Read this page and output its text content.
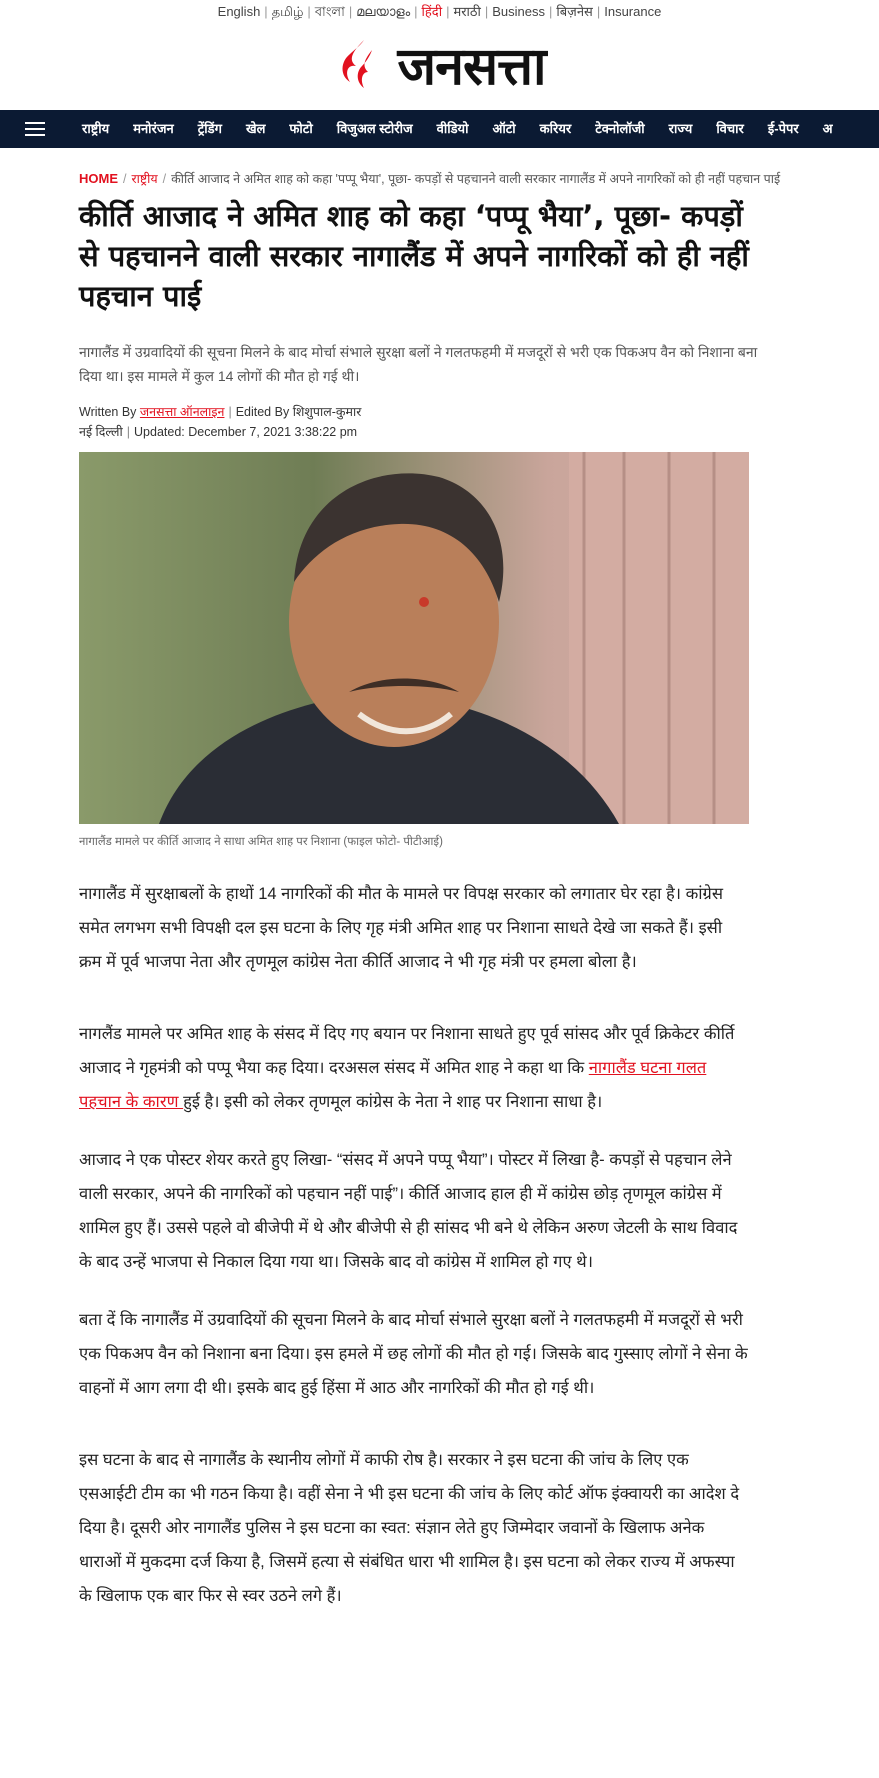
English | தமிழ் | বাংলা | മലയാളം | हिंदी | मराठी | Business | बिज़नेस | Insurance
जनसत्ता
राष्ट्रीय	मनोरंजन	ट्रेंडिंग	खेल	फोटो	विजुअल स्टोरीज	वीडियो	ऑटो	करियर	टेक्नोलॉजी	राज्य	विचार	ई-पेपर	अ
HOME / राष्ट्रीय / कीर्ति आजाद ने अमित शाह को कहा 'पप्पू भैया', पूछा- कपड़ों से पहचानने वाली सरकार नागालैंड में अपने नागरिकों को ही नहीं पहचान पाई
कीर्ति आजाद ने अमित शाह को कहा ‘पप्पू भैया’, पूछा- कपड़ों से पहचानने वाली सरकार नागालैंड में अपने नागरिकों को ही नहीं पहचान पाई

नागालैंड में उग्रवादियों की सूचना मिलने के बाद मोर्चा संभाले सुरक्षा बलों ने गलतफहमी में मजदूरों से भरी एक पिकअप वैन को निशाना बना दिया था। इस मामले में कुल 14 लोगों की मौत हो गई थी।

Written By जनसत्ता ऑनलाइन | Edited By शिशुपाल-कुमार
नई दिल्ली | Updated: December 7, 2021 3:38:22 pm
नागालैंड मामले पर कीर्ति आजाद ने साधा अमित शाह पर निशाना (फाइल फोटो- पीटीआई)

नागालैंड में सुरक्षाबलों के हाथों 14 नागरिकों की मौत के मामले पर विपक्ष सरकार को लगातार घेर रहा है। कांग्रेस समेत लगभग सभी विपक्षी दल इस घटना के लिए गृह मंत्री अमित शाह पर निशाना साधते देखे जा सकते हैं। इसी क्रम में पूर्व भाजपा नेता और तृणमूल कांग्रेस नेता कीर्ति आजाद ने भी गृह मंत्री पर हमला बोला है।

नागलैंड मामले पर अमित शाह के संसद में दिए गए बयान पर निशाना साधते हुए पूर्व सांसद और पूर्व क्रिकेटर कीर्ति आजाद ने गृहमंत्री को पप्पू भैया कह दिया। दरअसल संसद में अमित शाह ने कहा था कि नागालैंड घटना गलत पहचान के कारण हुई है। इसी को लेकर तृणमूल कांग्रेस के नेता ने शाह पर निशाना साधा है।

आजाद ने एक पोस्टर शेयर करते हुए लिखा- “संसद में अपने पप्पू भैया”। पोस्टर में लिखा है- कपड़ों से पहचान लेने वाली सरकार, अपने की नागरिकों को पहचान नहीं पाई”। कीर्ति आजाद हाल ही में कांग्रेस छोड़ तृणमूल कांग्रेस में शामिल हुए हैं। उससे पहले वो बीजेपी में थे और बीजेपी से ही सांसद भी बने थे लेकिन अरुण जेटली के साथ विवाद के बाद उन्हें भाजपा से निकाल दिया गया था। जिसके बाद वो कांग्रेस में शामिल हो गए थे।

बता दें कि नागालैंड में उग्रवादियों की सूचना मिलने के बाद मोर्चा संभाले सुरक्षा बलों ने गलतफहमी में मजदूरों से भरी एक पिकअप वैन को निशाना बना दिया। इस हमले में छह लोगों की मौत हो गई। जिसके बाद गुस्साए लोगों ने सेना के वाहनों में आग लगा दी थी। इसके बाद हुई हिंसा में आठ और नागरिकों की मौत हो गई थी।

इस घटना के बाद से नागालैंड के स्थानीय लोगों में काफी रोष है। सरकार ने इस घटना की जांच के लिए एक एसआईटी टीम का भी गठन किया है। वहीं सेना ने भी इस घटना की जांच के लिए कोर्ट ऑफ इंक्वायरी का आदेश दे दिया है। दूसरी ओर नागालैंड पुलिस ने इस घटना का स्वत: संज्ञान लेते हुए जिम्मेदार जवानों के खिलाफ अनेक धाराओं में मुकदमा दर्ज किया है, जिसमें हत्या से संबंधित धारा भी शामिल है। इस घटना को लेकर राज्य में अफस्पा के खिलाफ एक बार फिर से स्वर उठने लगे हैं।
